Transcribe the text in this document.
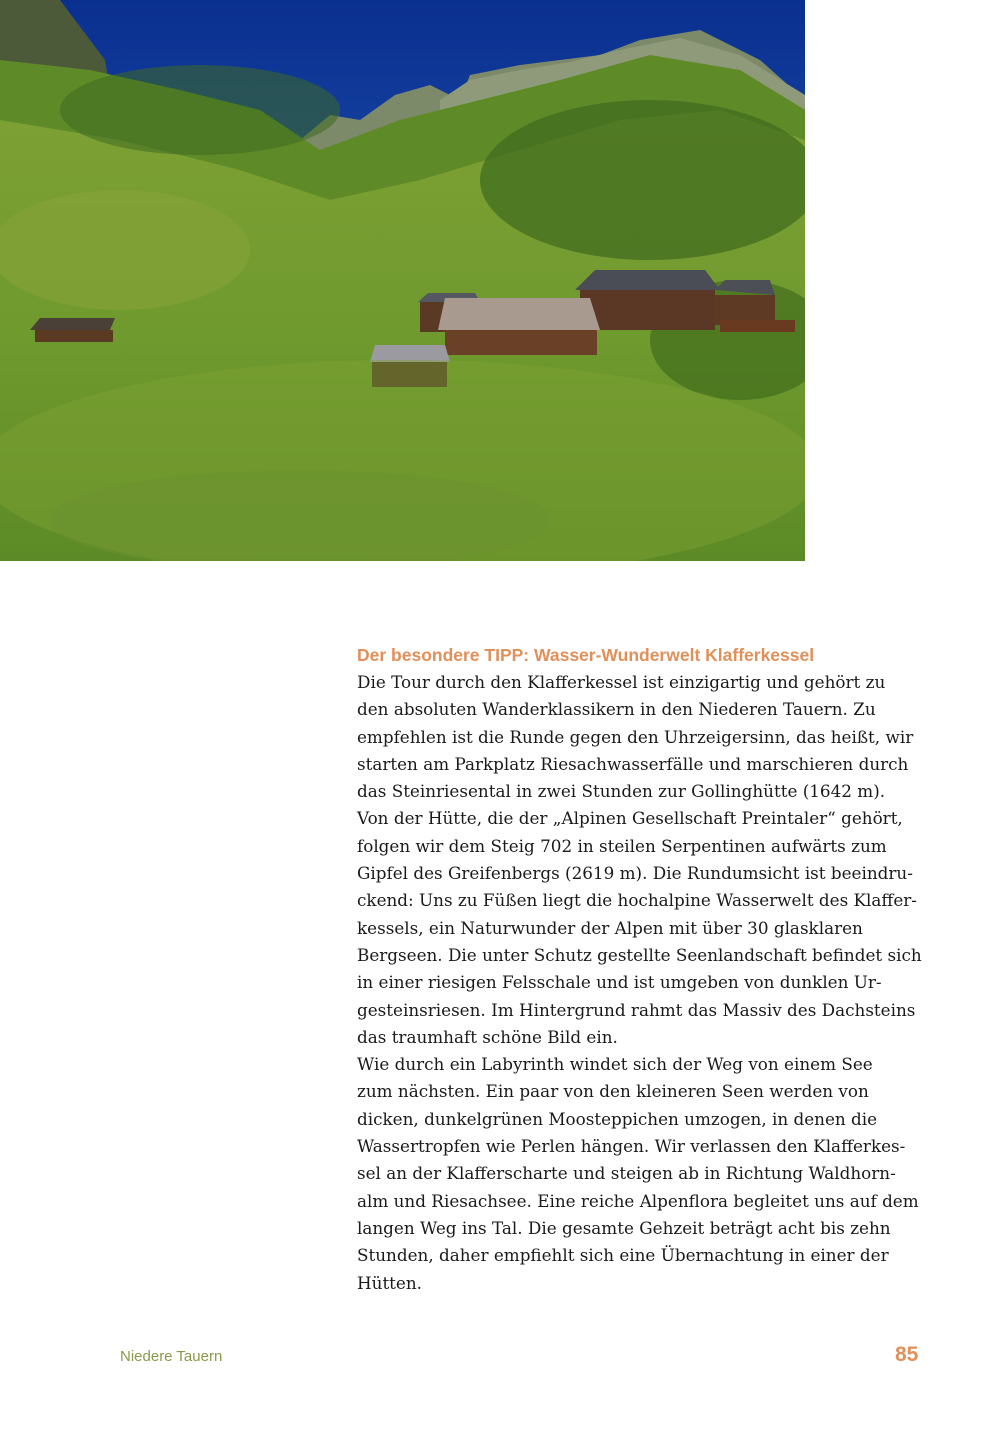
Der besondere TIPP: Wasser-Wunderwelt Klafferkessel

Die Tour durch den Klafferkessel ist einzigartig und gehört zu
den absoluten Wanderklassikern in den Niederen Tauern. Zu
empfehlen ist die Runde gegen den Uhrzeigersinn, das heißt, wir
starten am Parkplatz Riesachwasserfälle und marschieren durch
das Steinriesental in zwei Stunden zur Gollinghütte (1642 m).
Von der Hütte, die der „Alpinen Gesellschaft Preintaler“ gehört,
folgen wir dem Steig 702 in steilen Serpentinen aufwärts zum
Gipfel des Greifenbergs (2619 m). Die Rundumsicht ist beeindru-
ckend: Uns zu Füßen liegt die hochalpine Wasserwelt des Klaffer-
kessels, ein Naturwunder der Alpen mit über 30 glasklaren
Bergseen. Die unter Schutz gestellte Seenlandschaft befindet sich
in einer riesigen Felsschale und ist umgeben von dunklen Ur-
gesteinsriesen. Im Hintergrund rahmt das Massiv des Dachsteins
das traumhaft schöne Bild ein.

Wie durch ein Labyrinth windet sich der Weg von einem See
zum nächsten. Ein paar von den kleineren Seen werden von
dicken, dunkelgrünen Moosteppichen umzogen, in denen die
Wassertropfen wie Perlen hängen. Wir verlassen den Klafferkes-
sel an der Klafferscharte und steigen ab in Richtung Waldhorn-
alm und Riesachsee. Eine reiche Alpenflora begleitet uns auf dem
langen Weg ins Tal. Die gesamte Gehzeit beträgt acht bis zehn
Stunden, daher empfiehlt sich eine Übernachtung in einer der
Hütten.

Niedere Tauern	85
